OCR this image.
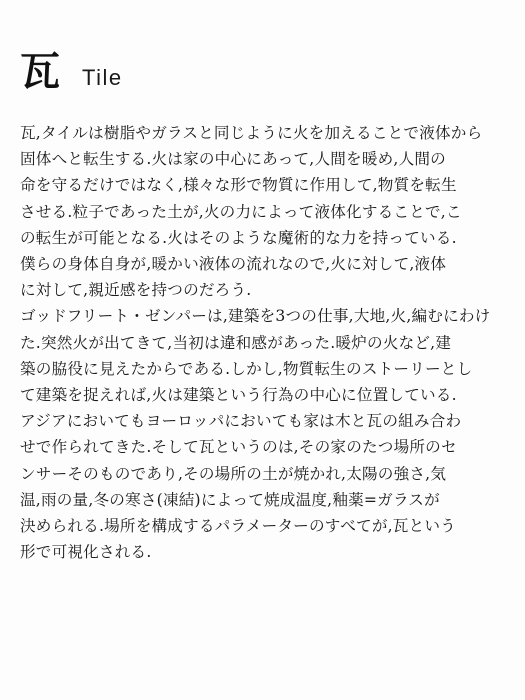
瓦 Tile

瓦,タイルは樹脂やガラスと同じように火を加えることで液体から
固体へと転生する.火は家の中心にあって,人間を暖め,人間の
命を守るだけではなく,様々な形で物質に作用して,物質を転生
させる.粒子であった土が,火の力によって液体化することで,こ
の転生が可能となる.火はそのような魔術的な力を持っている.
僕らの身体自身が,暖かい液体の流れなので,火に対して,液体
に対して,親近感を持つのだろう.

ゴッドフリート・ゼンパーは,建築を3つの仕事,大地,火,編むにわけ
た.突然火が出てきて,当初は違和感があった.暖炉の火など,建
築の脇役に見えたからである.しかし,物質転生のストーリーとし
て建築を捉えれば,火は建築という行為の中心に位置している.

アジアにおいてもヨーロッパにおいても家は木と瓦の組み合わ
せで作られてきた.そして瓦というのは,その家のたつ場所のセ
ンサーそのものであり,その場所の土が焼かれ,太陽の強さ,気
温,雨の量,冬の寒さ(凍結)によって焼成温度,釉薬=ガラスが
決められる.場所を構成するパラメーターのすべてが,瓦という
形で可視化される.
